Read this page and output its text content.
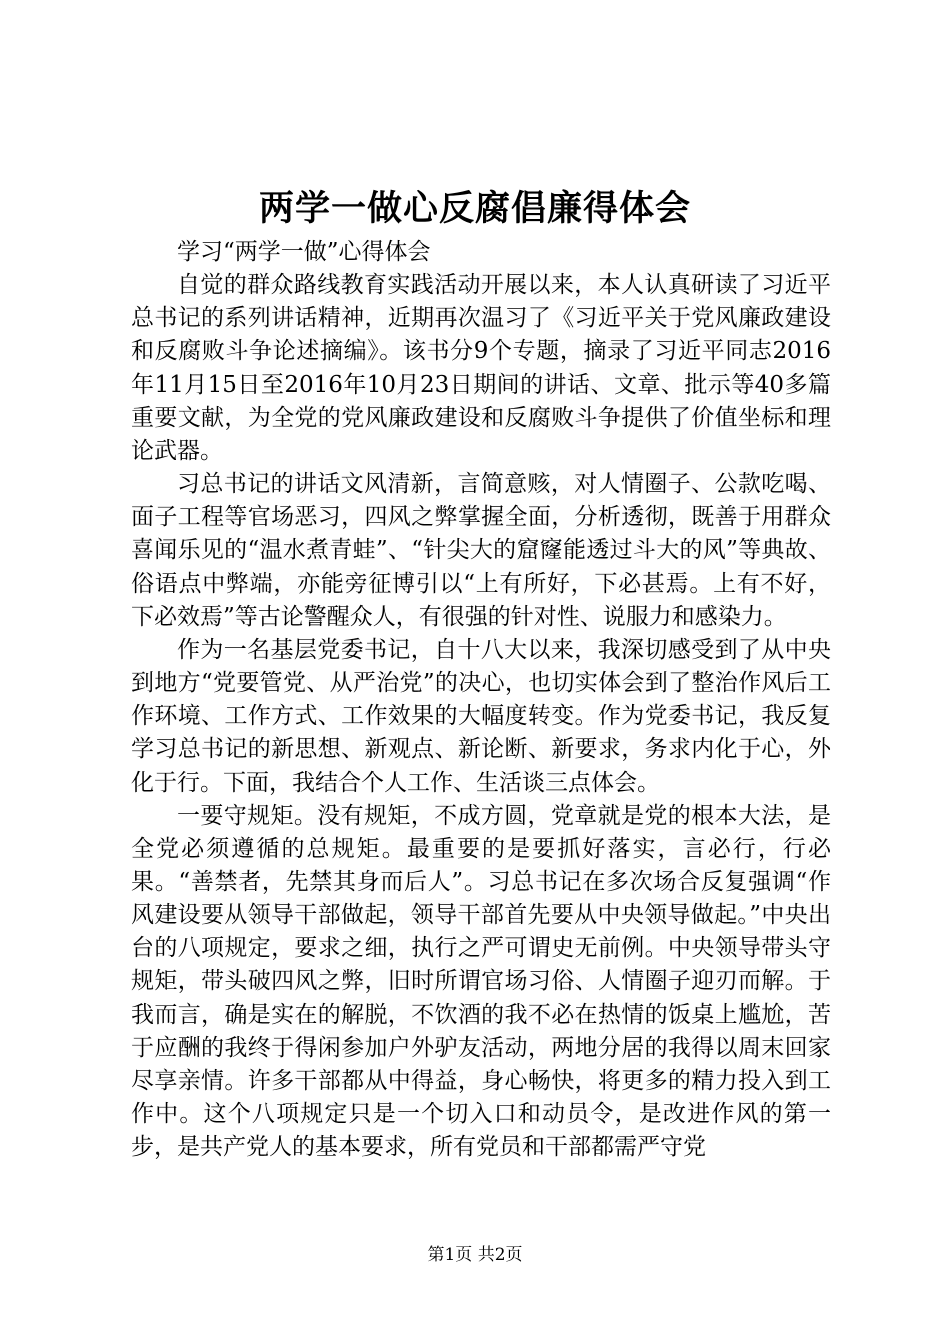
两学一做心反腐倡廉得体会

学习“两学一做”心得体会

自觉的群众路线教育实践活动开展以来，本人认真研读了习近平总书记的系列讲话精神，近期再次温习了《习近平关于党风廉政建设和反腐败斗争论述摘编》。该书分9个专题，摘录了习近平同志2016年11月15日至2016年10月23日期间的讲话、文章、批示等40多篇重要文献，为全党的党风廉政建设和反腐败斗争提供了价值坐标和理论武器。

习总书记的讲话文风清新，言简意赅，对人情圈子、公款吃喝、面子工程等官场恶习，四风之弊掌握全面，分析透彻，既善于用群众喜闻乐见的“温水煮青蛙”、“针尖大的窟窿能透过斗大的风”等典故、俗语点中弊端，亦能旁征博引以“上有所好，下必甚焉。上有不好，下必效焉”等古论警醒众人，有很强的针对性、说服力和感染力。

作为一名基层党委书记，自十八大以来，我深切感受到了从中央到地方“党要管党、从严治党”的决心，也切实体会到了整治作风后工作环境、工作方式、工作效果的大幅度转变。作为党委书记，我反复学习总书记的新思想、新观点、新论断、新要求，务求内化于心，外化于行。下面，我结合个人工作、生活谈三点体会。

一要守规矩。没有规矩，不成方圆，党章就是党的根本大法，是全党必须遵循的总规矩。最重要的是要抓好落实，言必行，行必果。“善禁者，先禁其身而后人”。习总书记在多次场合反复强调“作风建设要从领导干部做起，领导干部首先要从中央领导做起。”中央出台的八项规定，要求之细，执行之严可谓史无前例。中央领导带头守规矩，带头破四风之弊，旧时所谓官场习俗、人情圈子迎刃而解。于我而言，确是实在的解脱，不饮酒的我不必在热情的饭桌上尴尬，苦于应酬的我终于得闲参加户外驴友活动，两地分居的我得以周末回家尽享亲情。许多干部都从中得益，身心畅快，将更多的精力投入到工作中。这个八项规定只是一个切入口和动员令，是改进作风的第一步，是共产党人的基本要求，所有党员和干部都需严守党

第1页 共2页
